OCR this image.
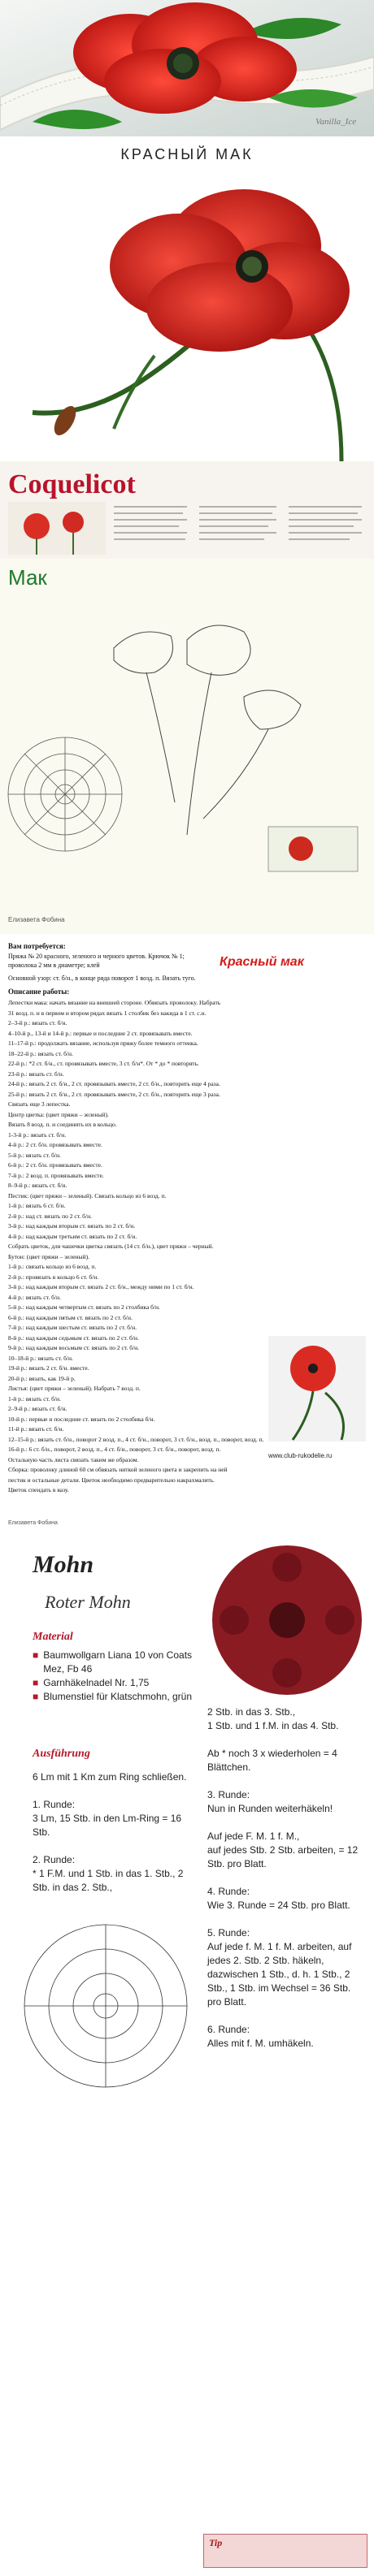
Vanilla_Ice
КРАСНЫЙ МАК
Coquelicot
Мак
Елизавета Фобина
Вам потребуется:
Пряжа № 20 красного, зеленого и черного цветов. Крючок № 1; проволока 2 мм в диаметре; клей
Основной узор: ст. б/н., в конце ряда поворот 1 возд. п. Вязать туго.
Красный мак
Описание работы:
Лепестки мака: начать вязание на внешней стороне. Обвязать проволоку. Набрать
31 возд. п. и в первом и втором рядах вязать 1 столбик без накида в 1 ст. с.н.
2–3-й р.: вязать ст. б/н.
4–10-й р., 13-й и 14-й р.: первые и последние 2 ст. провязывать вместе.
11–17-й р.: продолжать вязание, используя пряжу более темного оттенка.
18–22-й р.: вязать ст. б/н.
22-й р.: *2 ст. б/н., ст. провязывать вместе, 3 ст. б/н*. От * до * повторять.
23-й р.: вязать ст. б/н.
24-й р.: вязать 2 ст. б/н., 2 ст. провязывать вместе, 2 ст. б/н., повторить еще 4 раза.
25-й р.: вязать 2 ст. б/н., 2 ст. провязывать вместе, 2 ст. б/н., повторить еще 3 раза.
Связать еще 3 лепестка.
Центр цветка: (цвет пряжи – зеленый).
Вязать 8 возд. п. и соединить их в кольцо.
1-3-й р.: вязать ст. б/н.
4-й р.: 2 ст. б/н. провязывать вместе.
5-й р.: вязать ст. б/н.
6-й р.: 2 ст. б/н. провязывать вместе.
7-й р.: 2 возд. п. провязывать вместе.
8–9-й р.: вязать ст. б/н.
Пестик: (цвет пряжи – зеленый). Связать кольцо из 6 возд. п.
1-й р.: вязать 6 ст. б/н.
2-й р.: над ст. вязать по 2 ст. б/н.
3-й р.: над каждым вторым ст. вязать по 2 ст. б/н.
4-й р.: над каждым третьим ст. вязать по 2 ст. б/н.
Собрать цветок, для чашечки цветка связать (14 ст. б/н.), цвет пряжи – черный.
Бутон: (цвет пряжи – зеленый).
1-й р.: связать кольцо из 6 возд. п.
2-й р.: провязать в кольцо 6 ст. б/н.
3-й р.: над каждым вторым ст. вязать 2 ст. б/н., между ними по 1 ст. б/н.
4-й р.: вязать ст. б/н.
5-й р.: над каждым четвертым ст. вязать по 2 столбика б/н.
6-й р.: над каждым пятым ст. вязать по 2 ст. б/н.
7-й р.: над каждым шестым ст. вязать по 2 ст. б/н.
8-й р.: над каждым седьмым ст. вязать по 2 ст. б/н.
9-й р.: над каждым восьмым ст. вязать по 2 ст. б/н.
10–18-й р.: вязать ст. б/н.
19-й р.: вязать 2 ст. б/н. вместе.
20-й р.: вязать, как 19-й р.
Листья: (цвет пряжи – зеленый). Набрать 7 возд. п.
1-й р.: вязать ст. б/н.
2–9-й р.: вязать ст. б/н.
10-й р.: первые и последние ст. вязать по 2 столбика б/н.
11-й р.: вязать ст. б/н.
12–15-й р.: вязать ст. б/н., поворот 2 возд. п., 4 ст. б/н., поворот, 3 ст. б/н., возд. п., поворот, возд. п.
16-й р.: 6 ст. б/н., поворот, 2 возд. п., 4 ст. б/н., поворот, 3 ст. б/н., поворот, возд. п.
Остальную часть листа связать таким же образом.
Сборка: проволоку длиной 60 см обвязать ниткой зеленого цвета и закрепить на ней
пестик и остальные детали. Цветок необходимо предварительно накрахмалить.
Цветок спендать в вазу.
www.club-rukodelie.ru
Елизавета Фобина
Mohn
Roter Mohn
Material
■ Baumwollgarn Liana 10 von Coats Mez, Fb 46
■ Garnhäkelnadel Nr. 1,75
■ Blumenstiel für Klatschmohn, grün
Ausführung
6 Lm mit 1 Km zum Ring schließen.
1. Runde:
3 Lm, 15 Stb. in den Lm-Ring = 16 Stb.
2. Runde:
* 1 F.M. und 1 Stb. in das 1. Stb., 2 Stb. in das 2. Stb.,
2 Stb. in das 3. Stb.,
1 Stb. und 1 f.M. in das 4. Stb.
Ab * noch 3 x wiederholen = 4 Blättchen.
3. Runde:
Nun in Runden weiterhäkeln!
Auf jede F. M. 1 f. M.,
auf jedes Stb. 2 Stb. arbeiten, = 12 Stb. pro Blatt.
4. Runde:
Wie 3. Runde = 24 Stb. pro Blatt.
5. Runde:
Auf jede f. M. 1 f. M. arbeiten, auf jedes 2. Stb. 2 Stb. häkeln, dazwischen 1 Stb., d. h. 1 Stb., 2 Stb., 1 Stb. im Wechsel = 36 Stb. pro Blatt.
6. Runde:
Alles mit f. M. umhäkeln.
Tip
